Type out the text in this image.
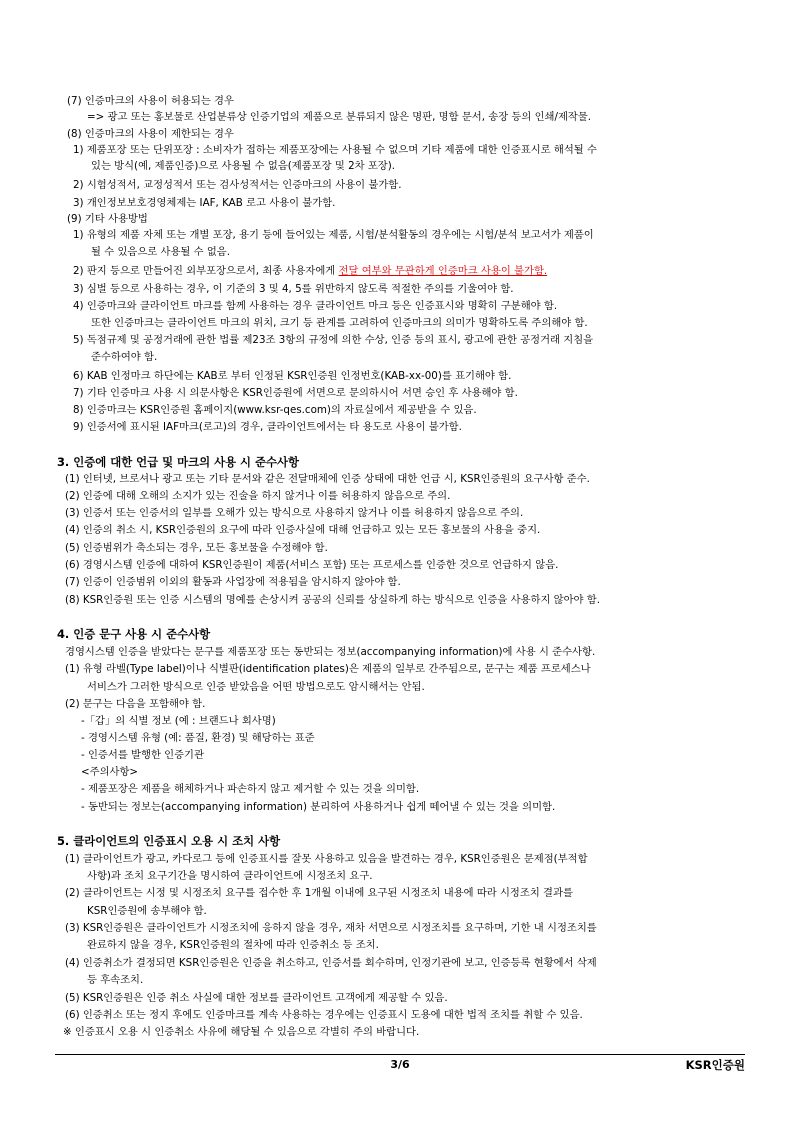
(7) 인증마크의 사용이 허용되는 경우
=> 광고 또는 홍보물로 산업분류상 인증기업의 제품으로 분류되지 않은 명판, 명함 문서, 송장 등의 인쇄/제작물.
(8) 인증마크의 사용이 제한되는 경우
1) 제품포장 또는 단위포장 : 소비자가 접하는 제품포장에는 사용될 수 없으며 기타 제품에 대한 인증표시로 해석될 수
있는 방식(예, 제품인증)으로 사용될 수 없음(제품포장 및 2차 포장).
2) 시험성적서, 교정성적서 또는 검사성적서는 인증마크의 사용이 불가함.
3) 개인정보보호경영체제는 IAF, KAB 로고 사용이 불가함.
(9) 기타 사용방법
1) 유형의 제품 자체 또는 개별 포장, 용기 등에 들어있는 제품, 시험/분석활동의 경우에는 시험/분석 보고서가 제품이
될 수 있음으로 사용될 수 없음.
2) 판지 등으로 만들어진 외부포장으로서, 최종 사용자에게 전달 여부와 무관하게 인증마크 사용이 불가함.
3) 심벌 등으로 사용하는 경우, 이 기준의 3 및 4, 5를 위반하지 않도록 적절한 주의를 기울여야 함.
4) 인증마크와 클라이언트 마크를 함께 사용하는 경우 클라이언트 마크 등은 인증표시와 명확히 구분해야 함.
또한 인증마크는 클라이언트 마크의 위치, 크기 등 관계를 고려하여 인증마크의 의미가 명확하도록 주의해야 함.
5) 독점규제 및 공정거래에 관한 법률 제23조 3항의 규정에 의한 수상, 인증 등의 표시, 광고에 관한 공정거래 지침을
준수하여야 함.
6) KAB 인정마크 하단에는 KAB로 부터 인정된 KSR인증원 인정번호(KAB-xx-00)를 표기해야 함.
7) 기타 인증마크 사용 시 의문사항은 KSR인증원에 서면으로 문의하시어 서면 승인 후 사용해야 함.
8) 인증마크는 KSR인증원 홈페이지(www.ksr-qes.com)의 자료실에서 제공받을 수 있음.
9) 인증서에 표시된 IAF마크(로고)의 경우, 클라이언트에서는 타 용도로 사용이 불가함.
3. 인증에 대한 언급 및 마크의 사용 시 준수사항
(1) 인터넷, 브로셔나 광고 또는 기타 문서와 같은 전달매체에 인증 상태에 대한 언급 시, KSR인증원의 요구사항 준수.
(2) 인증에 대해 오해의 소지가 있는 진술을 하지 않거나 이를 허용하지 않음으로 주의.
(3) 인증서 또는 인증서의 일부를 오해가 있는 방식으로 사용하지 않거나 이를 허용하지 않음으로 주의.
(4) 인증의 취소 시, KSR인증원의 요구에 따라 인증사실에 대해 언급하고 있는 모든 홍보물의 사용을 중지.
(5) 인증범위가 축소되는 경우, 모든 홍보물을 수정해야 함.
(6) 경영시스템 인증에 대하여 KSR인증원이 제품(서비스 포함) 또는 프로세스를 인증한 것으로 언급하지 않음.
(7) 인증이 인증범위 이외의 활동과 사업장에 적용됨을 암시하지 않아야 함.
(8) KSR인증원 또는 인증 시스템의 명예를 손상시켜 공공의 신뢰를 상실하게 하는 방식으로 인증을 사용하지 않아야 함.
4. 인증 문구 사용 시 준수사항
경영시스템 인증을 받았다는 문구를 제품포장 또는 동반되는 정보(accompanying information)에 사용 시 준수사항.
(1) 유형 라벨(Type label)이나 식별판(identification plates)은 제품의 일부로 간주됨으로, 문구는 제품 프로세스나
서비스가 그러한 방식으로 인증 받았음을 어떤 방법으로도 암시해서는 안됨.
(2) 문구는 다음을 포함해야 함.
-「갑」의 식별 정보 (예 : 브랜드나 회사명)
- 경영시스템 유형 (예: 품질, 환경) 및 해당하는 표준
- 인증서를 발행한 인증기관
<주의사항>
- 제품포장은 제품을 해체하거나 파손하지 않고 제거할 수 있는 것을 의미함.
- 동반되는 정보는(accompanying information) 분리하여 사용하거나 쉽게 떼어낼 수 있는 것을 의미함.
5. 클라이언트의 인증표시 오용 시 조치 사항
(1) 클라이언트가 광고, 카다로그 등에 인증표시를 잘못 사용하고 있음을 발견하는 경우, KSR인증원은 문제점(부적합
사항)과 조치 요구기간을 명시하여 클라이언트에 시정조치 요구.
(2) 클라이언트는 시정 및 시정조치 요구를 접수한 후 1개월 이내에 요구된 시정조치 내용에 따라 시정조치 결과를
KSR인증원에 송부해야 함.
(3) KSR인증원은 클라이언트가 시정조치에 응하지 않을 경우, 재차 서면으로 시정조치를 요구하며, 기한 내 시정조치를
완료하지 않을 경우, KSR인증원의 절차에 따라 인증취소 등 조치.
(4) 인증취소가 결정되면 KSR인증원은 인증을 취소하고, 인증서를 회수하며, 인정기관에 보고, 인증등록 현황에서 삭제
등 후속조치.
(5) KSR인증원은 인증 취소 사실에 대한 정보를 클라이언트 고객에게 제공할 수 있음.
(6) 인증취소 또는 정지 후에도 인증마크를 계속 사용하는 경우에는 인증표시 도용에 대한 법적 조치를 취할 수 있음.
※ 인증표시 오용 시 인증취소 사유에 해당될 수 있음으로 각별히 주의 바랍니다.
3/6	KSR인증원
